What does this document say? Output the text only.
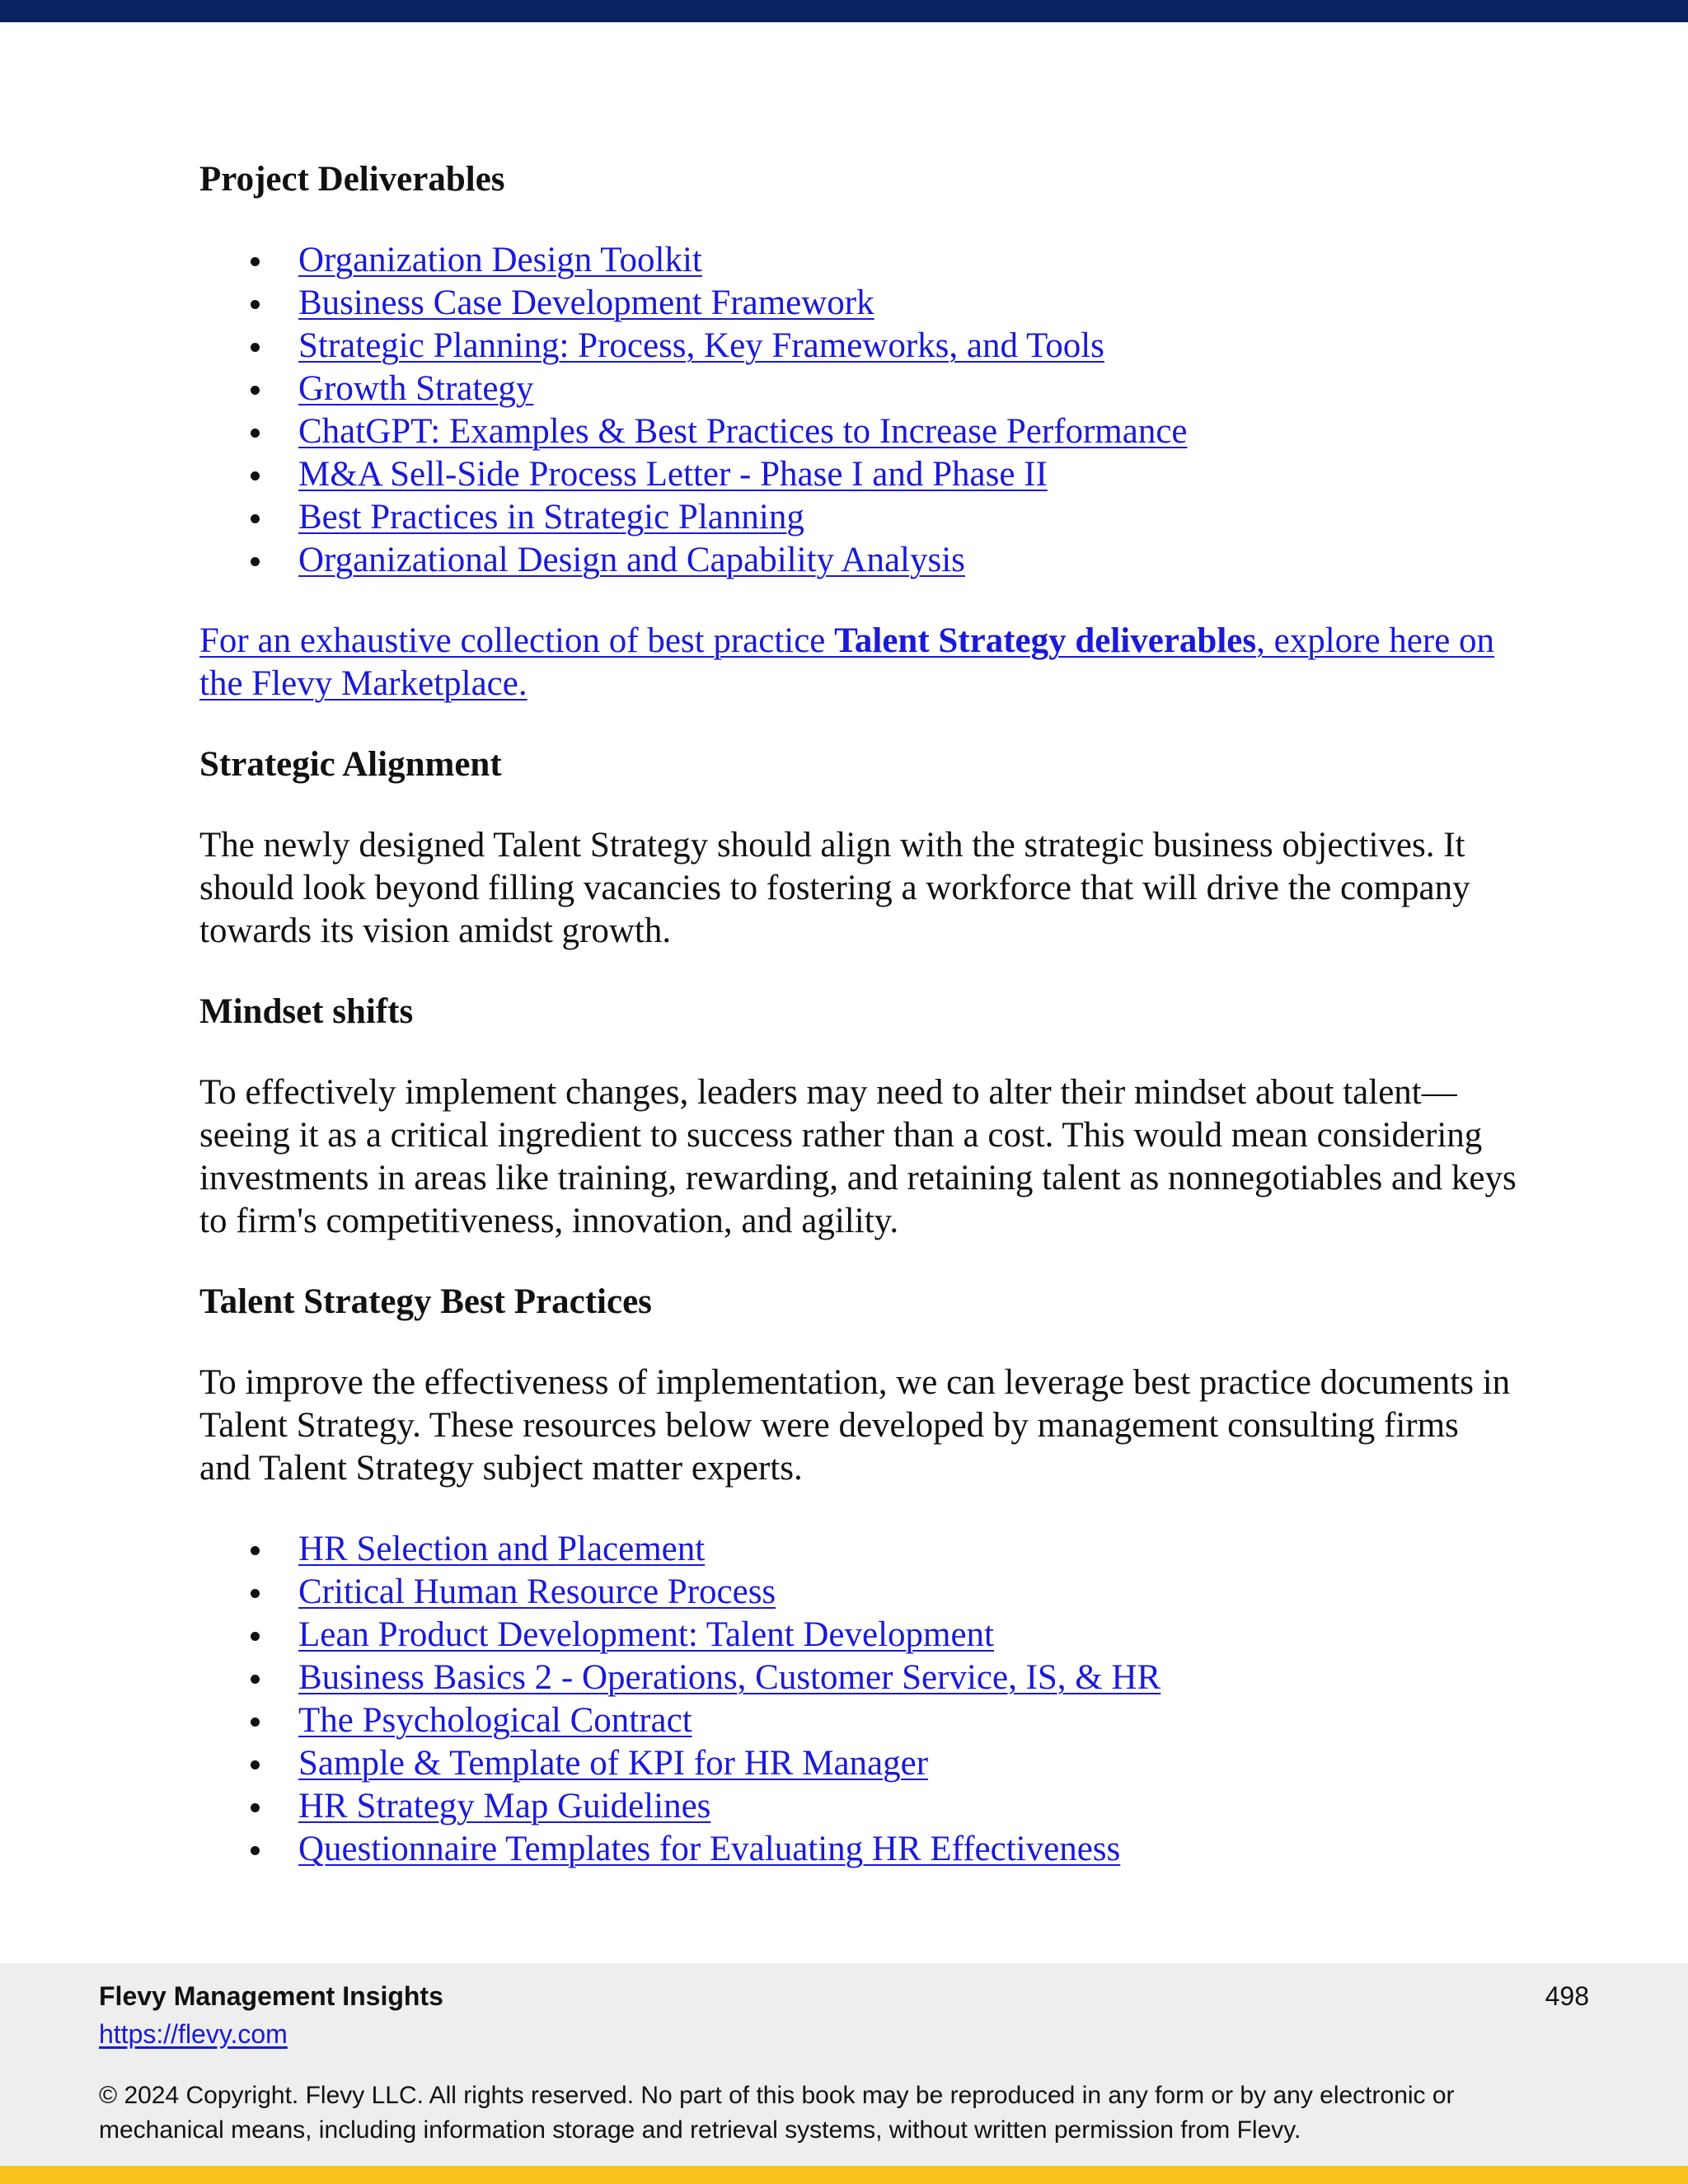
Project Deliverables
Organization Design Toolkit
Business Case Development Framework
Strategic Planning: Process, Key Frameworks, and Tools
Growth Strategy
ChatGPT: Examples & Best Practices to Increase Performance
M&A Sell-Side Process Letter - Phase I and Phase II
Best Practices in Strategic Planning
Organizational Design and Capability Analysis

For an exhaustive collection of best practice Talent Strategy deliverables, explore here on the Flevy Marketplace.

Strategic Alignment

The newly designed Talent Strategy should align with the strategic business objectives. It should look beyond filling vacancies to fostering a workforce that will drive the company towards its vision amidst growth.

Mindset shifts

To effectively implement changes, leaders may need to alter their mindset about talent—seeing it as a critical ingredient to success rather than a cost. This would mean considering investments in areas like training, rewarding, and retaining talent as nonnegotiables and keys to firm's competitiveness, innovation, and agility.

Talent Strategy Best Practices

To improve the effectiveness of implementation, we can leverage best practice documents in Talent Strategy. These resources below were developed by management consulting firms and Talent Strategy subject matter experts.

HR Selection and Placement
Critical Human Resource Process
Lean Product Development: Talent Development
Business Basics 2 - Operations, Customer Service, IS, & HR
The Psychological Contract
Sample & Template of KPI for HR Manager
HR Strategy Map Guidelines
Questionnaire Templates for Evaluating HR Effectiveness
Flevy Management Insights
https://flevy.com
498
© 2024 Copyright. Flevy LLC. All rights reserved. No part of this book may be reproduced in any form or by any electronic or mechanical means, including information storage and retrieval systems, without written permission from Flevy.
